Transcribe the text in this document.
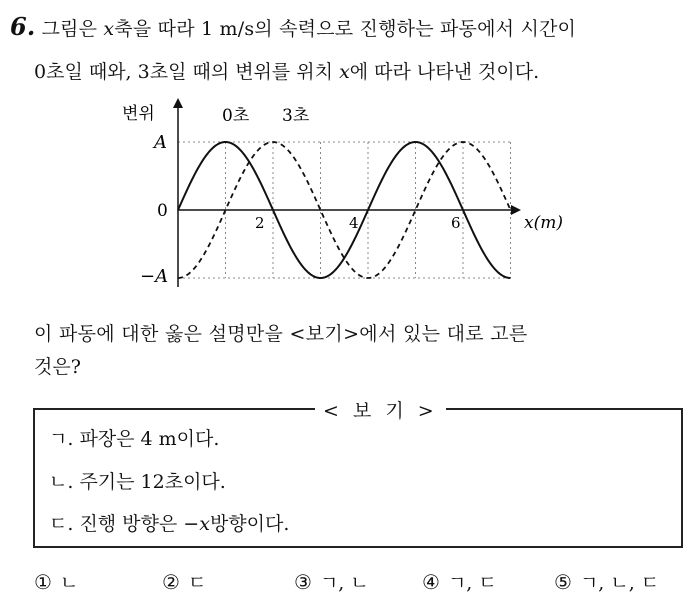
6. 그림은 x축을 따라 1 m/s의 속력으로 진행하는 파동에서 시간이
0초일 때와, 3초일 때의 변위를 위치 x에 따라 나타낸 것이다.
변위
A
0
−A
2	4	6	x(m)
0초 3초
이 파동에 대한 옳은 설명만을 <보기>에서 있는 대로 고른
것은?
< 보 기 >
ㄱ. 파장은 4 m이다.
ㄴ. 주기는 12초이다.
ㄷ. 진행 방향은 −x방향이다.
① ㄴ	② ㄷ	③ ㄱ, ㄴ	④ ㄱ, ㄷ	⑤ ㄱ, ㄴ, ㄷ
